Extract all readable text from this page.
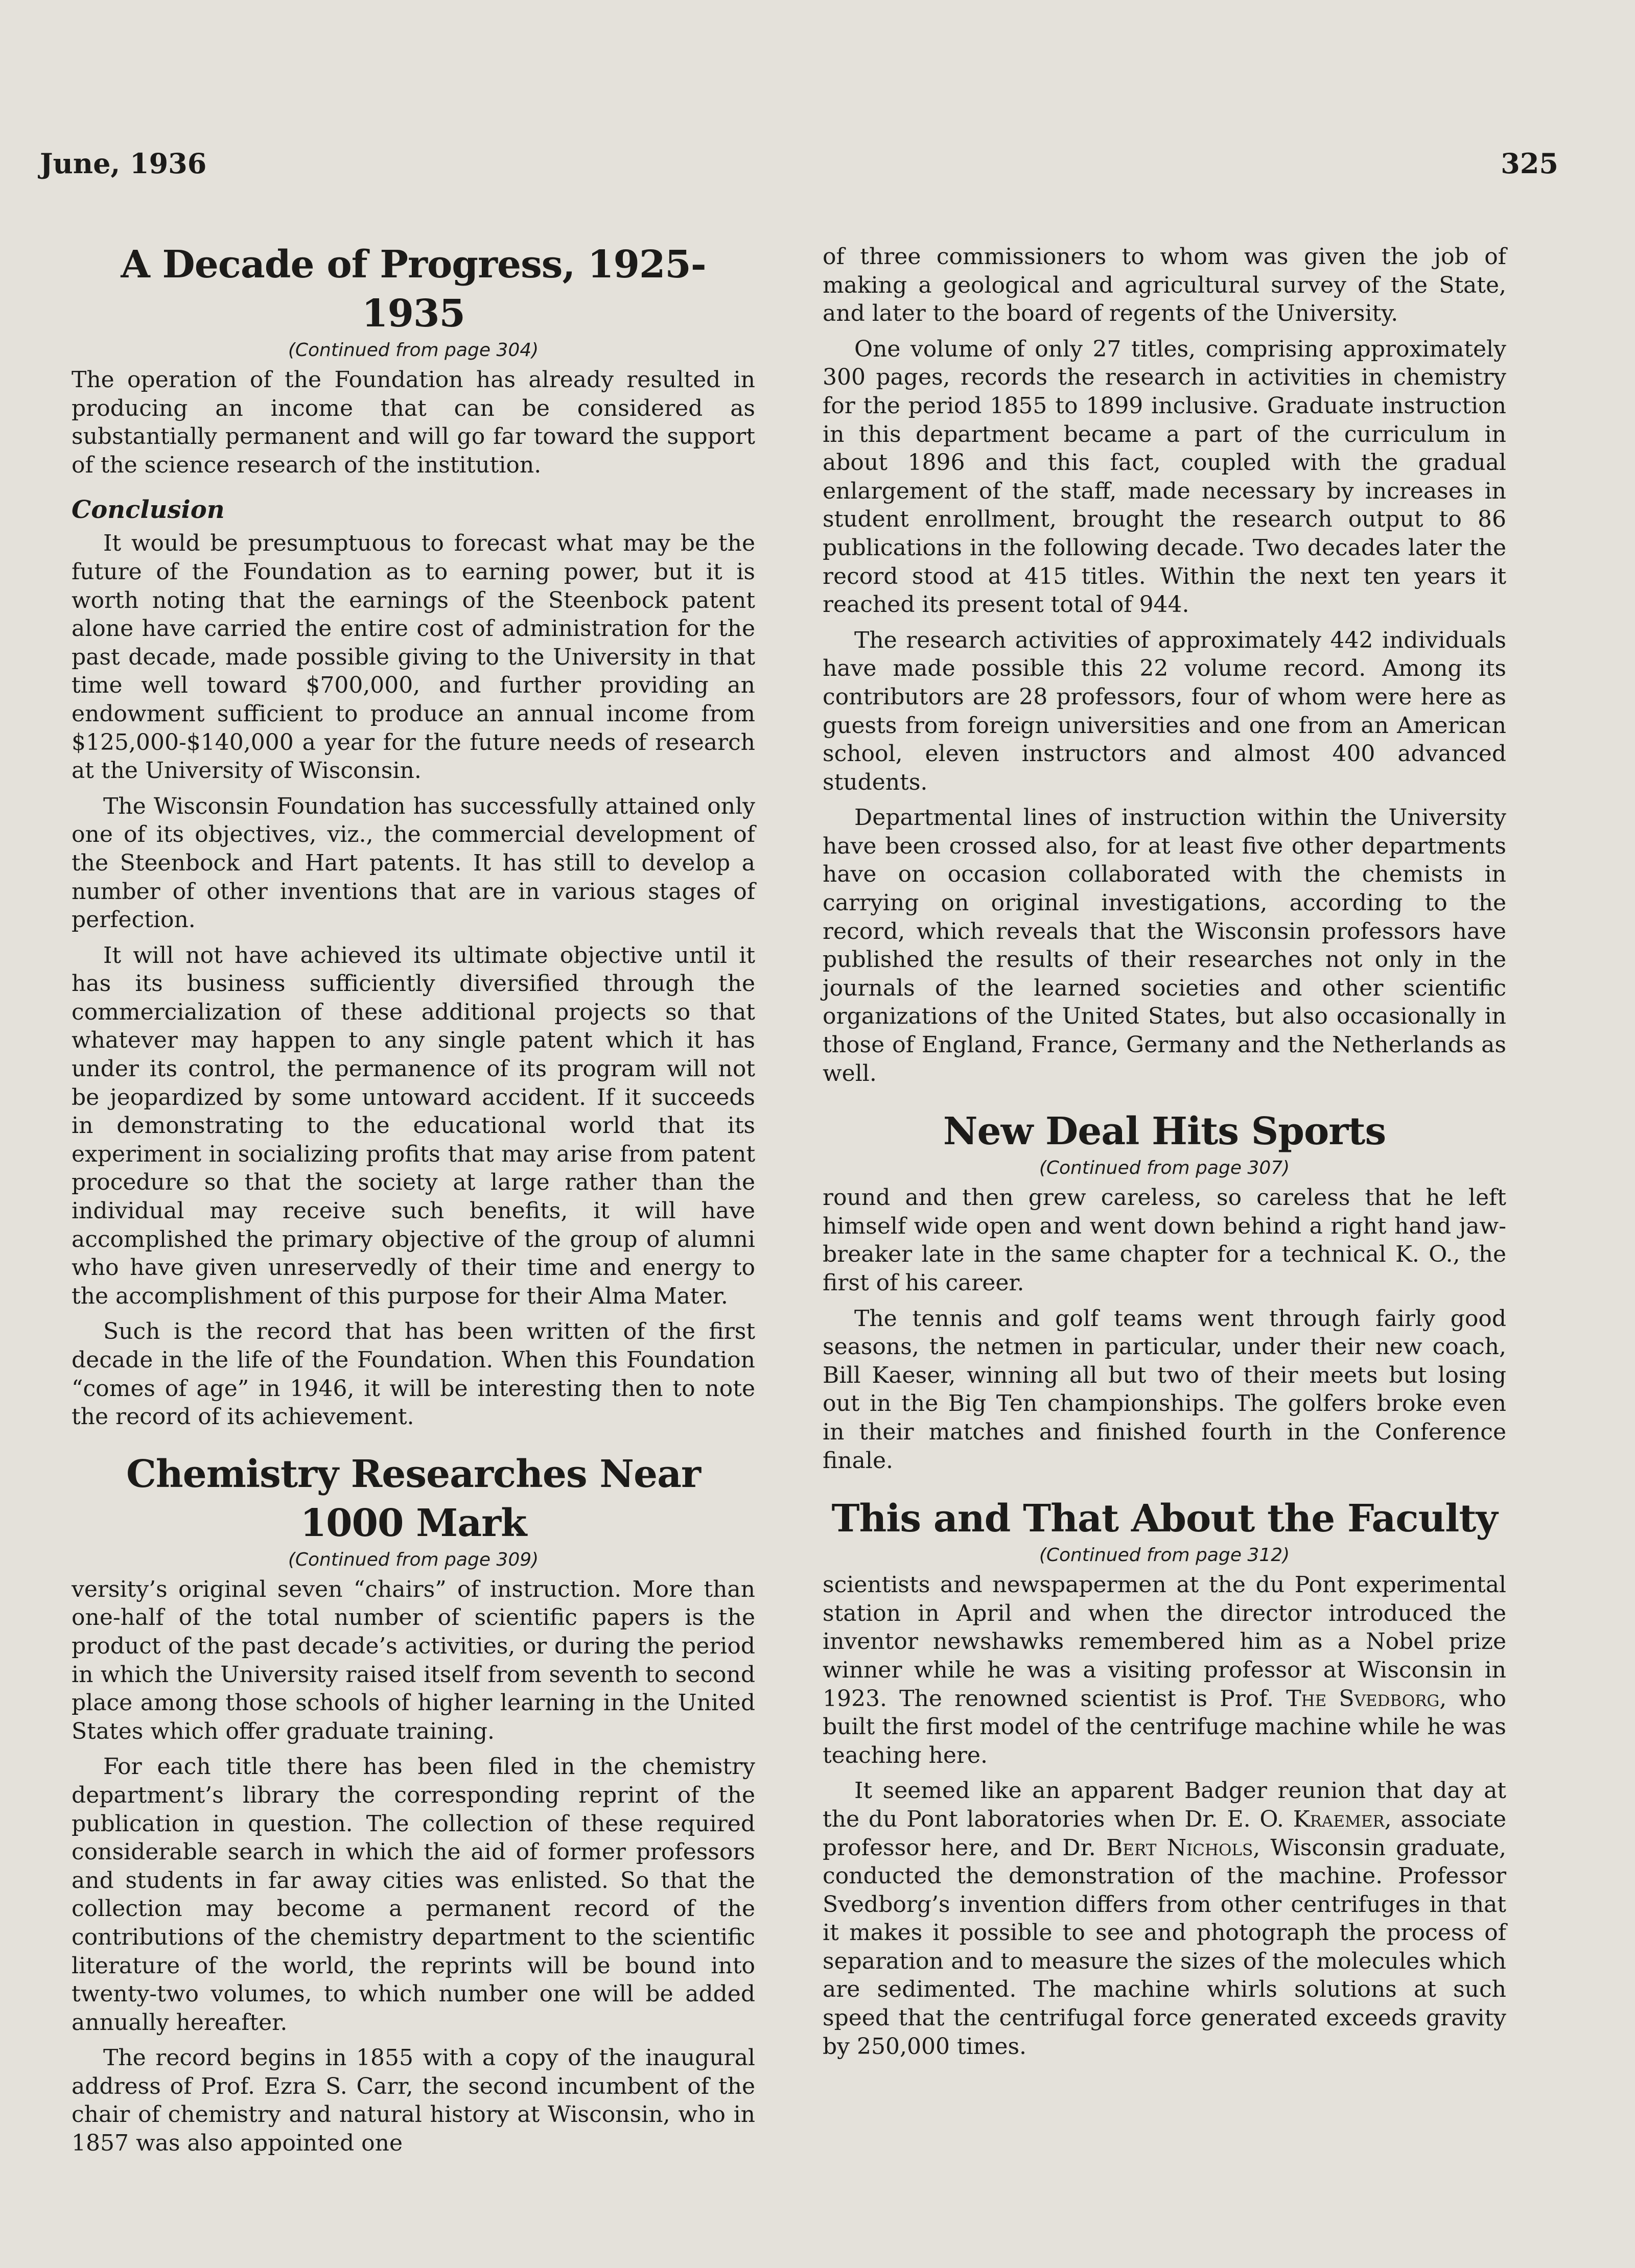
June, 1936	325
A Decade of Progress, 1925-1935
(Continued from page 304)

The operation of the Foundation has already resulted in producing an income that can be considered as substantially permanent and will go far toward the support of the science research of the institution.

Conclusion

It would be presumptuous to forecast what may be the future of the Foundation as to earning power, but it is worth noting that the earnings of the Steenbock patent alone have carried the entire cost of administration for the past decade, made possible giving to the University in that time well toward $700,000, and further providing an endowment sufficient to produce an annual income from $125,000-$140,000 a year for the future needs of research at the University of Wisconsin.

The Wisconsin Foundation has successfully attained only one of its objectives, viz., the commercial development of the Steenbock and Hart patents. It has still to develop a number of other inventions that are in various stages of perfection.

It will not have achieved its ultimate objective until it has its business sufficiently diversified through the commercialization of these additional projects so that whatever may happen to any single patent which it has under its control, the permanence of its program will not be jeopardized by some untoward accident. If it succeeds in demonstrating to the educational world that its experiment in socializing profits that may arise from patent procedure so that the society at large rather than the individual may receive such benefits, it will have accomplished the primary objective of the group of alumni who have given unreservedly of their time and energy to the accomplishment of this purpose for their Alma Mater.

Such is the record that has been written of the first decade in the life of the Foundation. When this Foundation “comes of age” in 1946, it will be interesting then to note the record of its achievement.

Chemistry Researches Near 1000 Mark
(Continued from page 309)

versity’s original seven “chairs” of instruction. More than one-half of the total number of scientific papers is the product of the past decade’s activities, or during the period in which the University raised itself from seventh to second place among those schools of higher learning in the United States which offer graduate training.

For each title there has been filed in the chemistry department’s library the corresponding reprint of the publication in question. The collection of these required considerable search in which the aid of former professors and students in far away cities was enlisted. So that the collection may become a permanent record of the contributions of the chemistry department to the scientific literature of the world, the reprints will be bound into twenty-two volumes, to which number one will be added annually hereafter.

The record begins in 1855 with a copy of the inaugural address of Prof. Ezra S. Carr, the second incumbent of the chair of chemistry and natural history at Wisconsin, who in 1857 was also appointed one

of three commissioners to whom was given the job of making a geological and agricultural survey of the State, and later to the board of regents of the University.

One volume of only 27 titles, comprising approximately 300 pages, records the research in activities in chemistry for the period 1855 to 1899 inclusive. Graduate instruction in this department became a part of the curriculum in about 1896 and this fact, coupled with the gradual enlargement of the staff, made necessary by increases in student enrollment, brought the research output to 86 publications in the following decade. Two decades later the record stood at 415 titles. Within the next ten years it reached its present total of 944.

The research activities of approximately 442 individuals have made possible this 22 volume record. Among its contributors are 28 professors, four of whom were here as guests from foreign universities and one from an American school, eleven instructors and almost 400 advanced students.

Departmental lines of instruction within the University have been crossed also, for at least five other departments have on occasion collaborated with the chemists in carrying on original investigations, according to the record, which reveals that the Wisconsin professors have published the results of their researches not only in the journals of the learned societies and other scientific organizations of the United States, but also occasionally in those of England, France, Germany and the Netherlands as well.

New Deal Hits Sports
(Continued from page 307)

round and then grew careless, so careless that he left himself wide open and went down behind a right hand jaw-breaker late in the same chapter for a technical K. O., the first of his career.

The tennis and golf teams went through fairly good seasons, the netmen in particular, under their new coach, Bill Kaeser, winning all but two of their meets but losing out in the Big Ten championships. The golfers broke even in their matches and finished fourth in the Conference finale.

This and That About the Faculty
(Continued from page 312)

scientists and newspapermen at the du Pont experimental station in April and when the director introduced the inventor newshawks remembered him as a Nobel prize winner while he was a visiting professor at Wisconsin in 1923. The renowned scientist is Prof. The Svedborg, who built the first model of the centrifuge machine while he was teaching here.

It seemed like an apparent Badger reunion that day at the du Pont laboratories when Dr. E. O. Kraemer, associate professor here, and Dr. Bert Nichols, Wisconsin graduate, conducted the demonstration of the machine. Professor Svedborg’s invention differs from other centrifuges in that it makes it possible to see and photograph the process of separation and to measure the sizes of the molecules which are sedimented. The machine whirls solutions at such speed that the centrifugal force generated exceeds gravity by 250,000 times.
